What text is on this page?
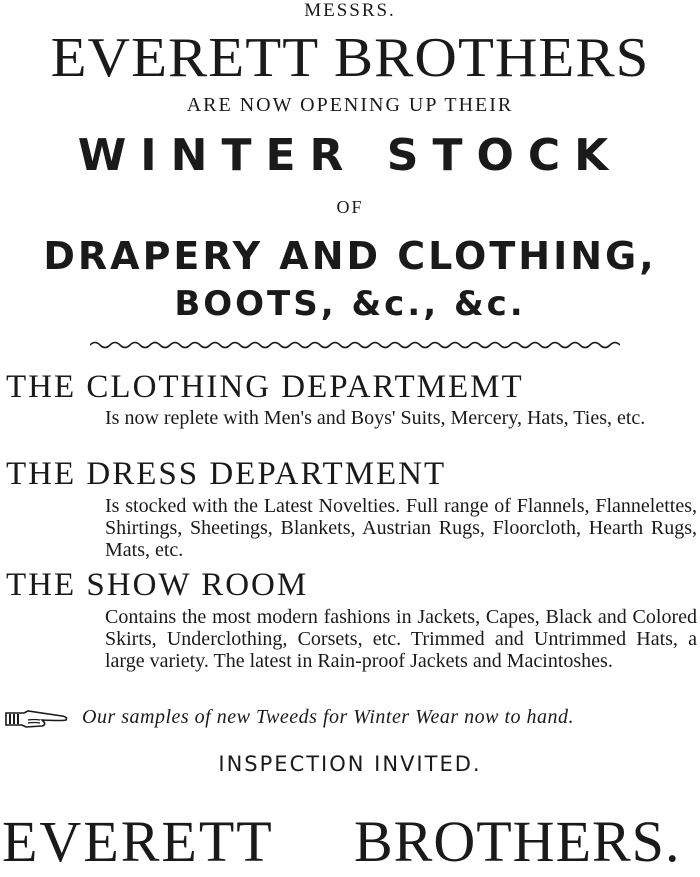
MESSRS.
EVERETT BROTHERS
ARE NOW OPENING UP THEIR
WINTER STOCK
OF
DRAPERY AND CLOTHING,
BOOTS, &c., &c.
THE CLOTHING DEPARTMEMT
Is now replete with Men's and Boys' Suits, Mercery, Hats, Ties, etc.
THE DRESS DEPARTMENT
Is stocked with the Latest Novelties. Full range of Flannels, Flannelettes, Shirtings, Sheetings, Blankets, Austrian Rugs, Floorcloth, Hearth Rugs, Mats, etc.
THE SHOW ROOM
Contains the most modern fashions in Jackets, Capes, Black and Colored Skirts, Underclothing, Corsets, etc. Trimmed and Untrimmed Hats, a large variety. The latest in Rain-proof Jackets and Macintoshes.
Our samples of new Tweeds for Winter Wear now to hand.
INSPECTION INVITED.
EVERETT BROTHERS.
